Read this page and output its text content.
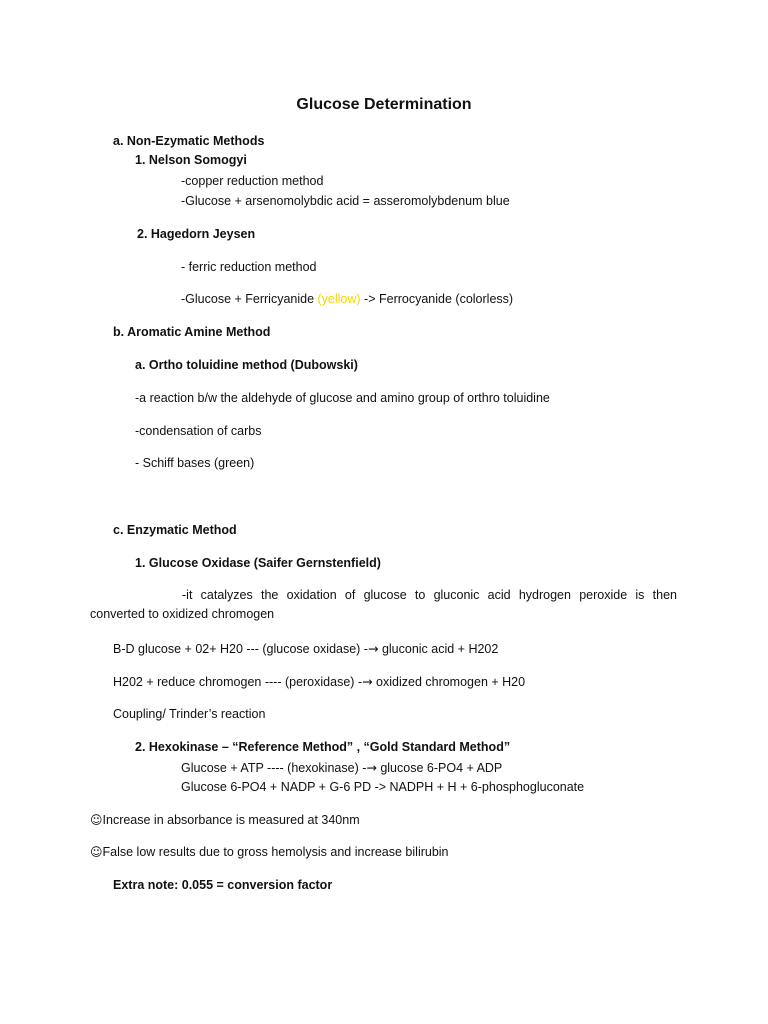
Glucose Determination
a. Non-Ezymatic Methods
1. Nelson Somogyi
-copper reduction method
-Glucose + arsenomolybdic acid = asseromolybdenum blue
2. Hagedorn Jeysen
- ferric reduction method
-Glucose + Ferricyanide (yellow) -> Ferrocyanide (colorless)
b. Aromatic Amine Method
a. Ortho toluidine method (Dubowski)
-a reaction b/w the aldehyde of glucose and amino group of orthro toluidine
-condensation of carbs
- Schiff bases (green)
c. Enzymatic Method
1. Glucose Oxidase (Saifer Gernstenfield)
-it catalyzes the oxidation of glucose to gluconic acid hydrogen peroxide is then converted to oxidized chromogen
B-D glucose + 02+ H20 --- (glucose oxidase) -→ gluconic acid + H202
H202 + reduce chromogen ---- (peroxidase) -→ oxidized chromogen + H20
Coupling/ Trinder’s reaction
2. Hexokinase – “Reference Method” , “Gold Standard Method”
Glucose + ATP ---- (hexokinase) -→ glucose 6-PO4 + ADP
Glucose 6-PO4 + NADP + G-6 PD -> NADPH + H + 6-phosphogluconate
☺Increase in absorbance is measured at 340nm
☺False low results due to gross hemolysis and increase bilirubin
Extra note: 0.055 = conversion factor
